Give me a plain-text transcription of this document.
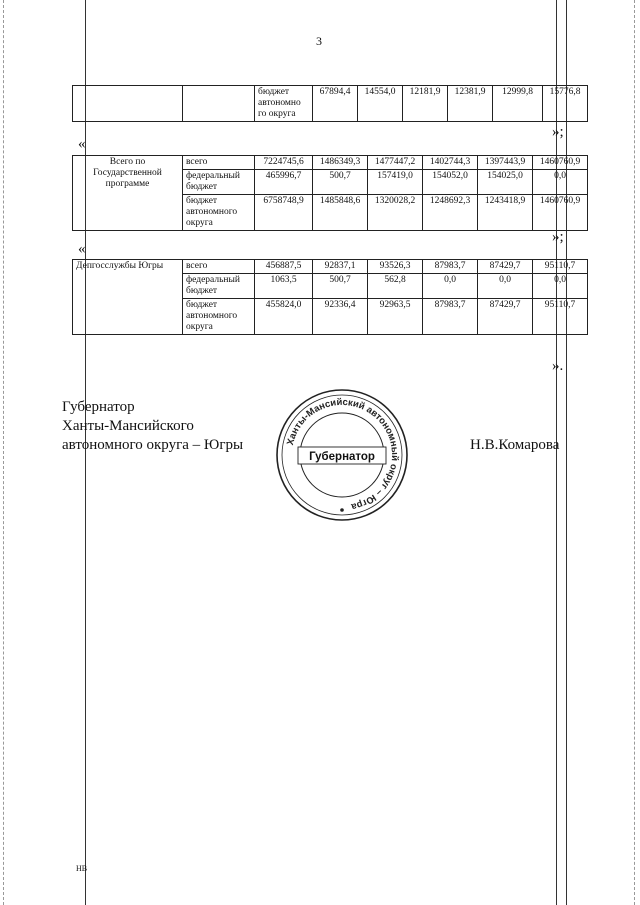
3
		бюджет автономно го округа	67894,4	14554,0	12181,9	12381,9	12999,8	15776,8
»;
«
Всего по Государственной программе	всего	7224745,6	1486349,3	1477447,2	1402744,3	1397443,9	1460760,9
	федеральный бюджет	465996,7	500,7	157419,0	154052,0	154025,0	0,0
	бюджет автономного округа	6758748,9	1485848,6	1320028,2	1248692,3	1243418,9	1460760,9
»;
«
Депгосслужбы Югры	всего	456887,5	92837,1	93526,3	87983,7	87429,7	95110,7
	федеральный бюджет	1063,5	500,7	562,8	0,0	0,0	0,0
	бюджет автономного округа	455824,0	92336,4	92963,5	87983,7	87429,7	95110,7
».
Губернатор
Ханты-Мансийского
автономного округа – Югры	Н.В.Комарова
Ханты-Мансийский автономный округ – Югра
Губернатор
НВ
